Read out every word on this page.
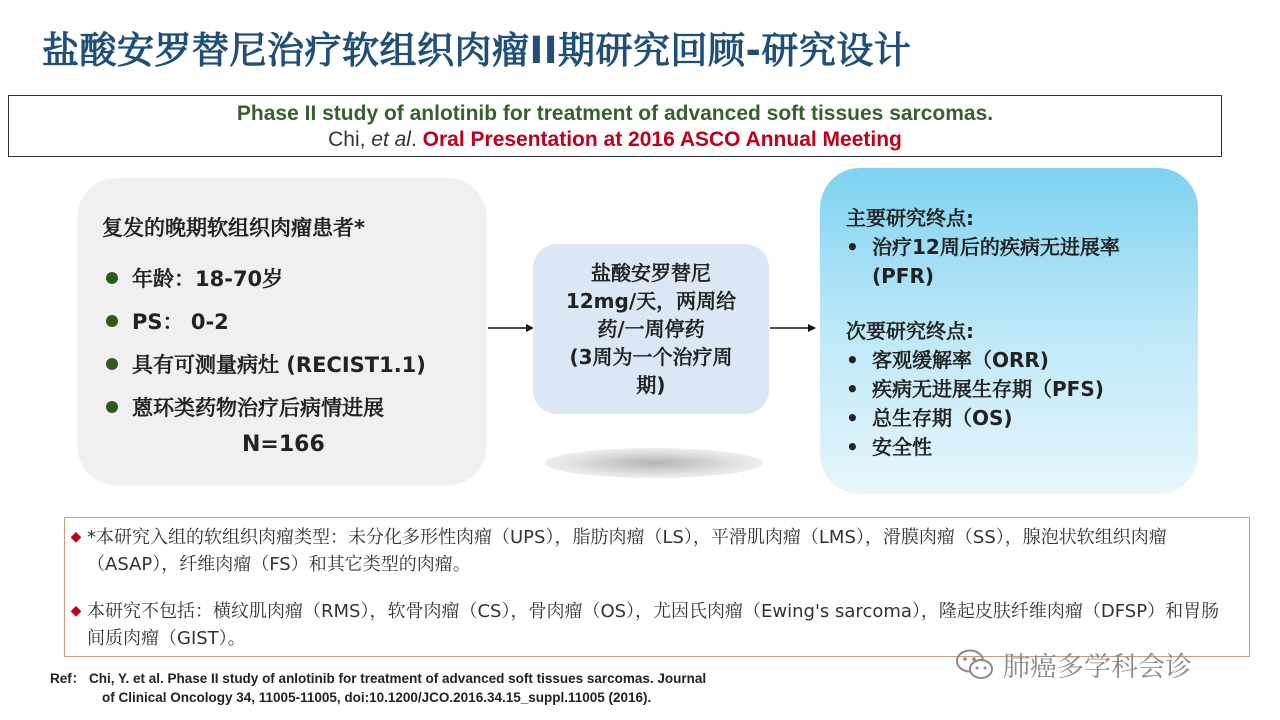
盐酸安罗替尼治疗软组织肉瘤II期研究回顾-研究设计
Phase II study of anlotinib for treatment of advanced soft tissues sarcomas.
Chi, et al. Oral Presentation at 2016 ASCO Annual Meeting
复发的晚期软组织肉瘤患者*
年龄：18-70岁
PS： 0-2
具有可测量病灶 (RECIST1.1)
蒽环类药物治疗后病情进展
N=166
盐酸安罗替尼
12mg/天，两周给
药/一周停药
(3周为一个治疗周
期)
主要研究终点:
• 治疗12周后的疾病无进展率
(PFR)
次要研究终点:
• 客观缓解率（ORR)
• 疾病无进展生存期（PFS)
• 总生存期（OS)
• 安全性
◆ *本研究入组的软组织肉瘤类型：未分化多形性肉瘤（UPS），脂肪肉瘤（LS），平滑肌肉瘤（LMS），滑膜肉瘤（SS），腺泡状软组织肉瘤 （ASAP），纤维肉瘤（FS）和其它类型的肉瘤。
◆ 本研究不包括：横纹肌肉瘤（RMS），软骨肉瘤（CS），骨肉瘤（OS），尤因氏肉瘤（Ewing's sarcoma），隆起皮肤纤维肉瘤（DFSP）和胃肠间质肉瘤（GIST）。
Ref： Chi, Y. et al. Phase II study of anlotinib for treatment of advanced soft tissues sarcomas. Journal
of Clinical Oncology 34, 11005-11005, doi:10.1200/JCO.2016.34.15_suppl.11005 (2016).
肺癌多学科会诊
